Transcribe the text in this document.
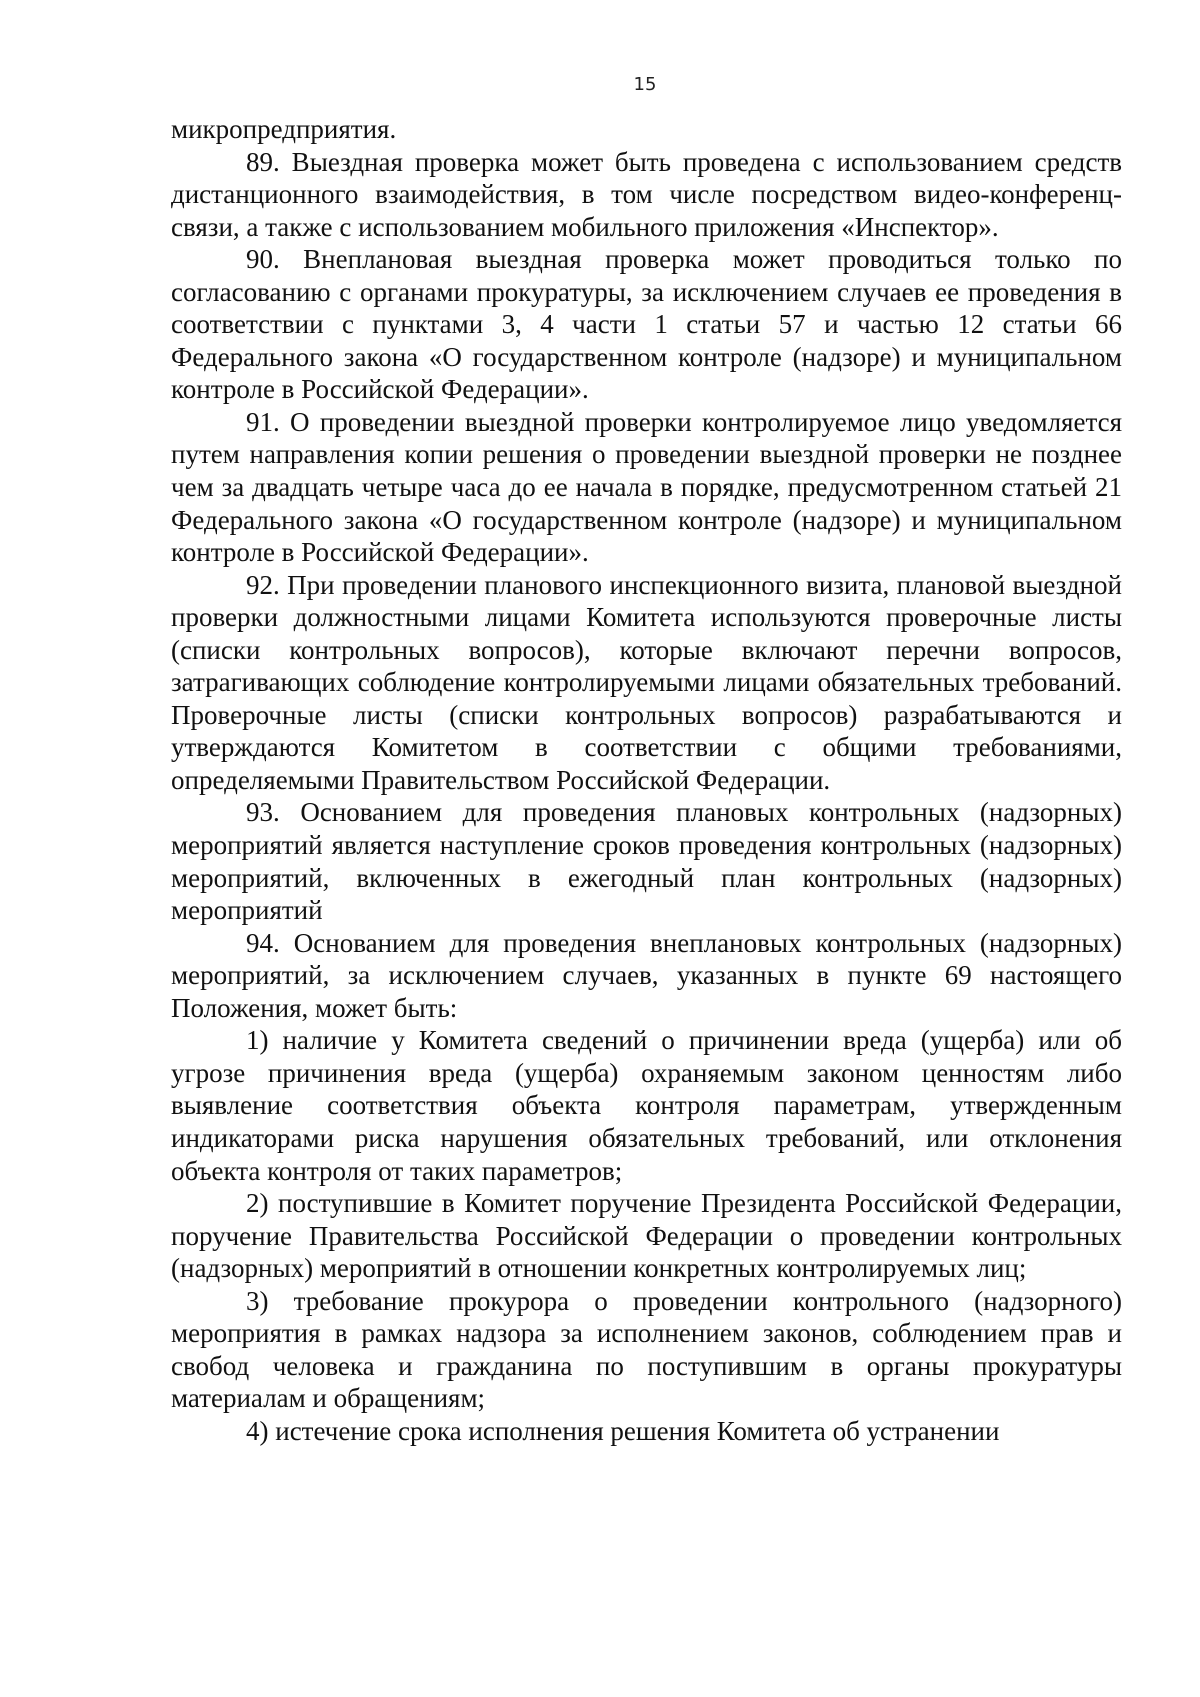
15

микропредприятия.

89. Выездная проверка может быть проведена с использованием средств дистанционного взаимодействия, в том числе посредством видео-конференц-связи, а также с использованием мобильного приложения «Инспектор».

90. Внеплановая выездная проверка может проводиться только по согласованию с органами прокуратуры, за исключением случаев ее проведения в соответствии с пунктами 3, 4 части 1 статьи 57 и частью 12 статьи 66 Федерального закона «О государственном контроле (надзоре) и муниципальном контроле в Российской Федерации».

91. О проведении выездной проверки контролируемое лицо уведомляется путем направления копии решения о проведении выездной проверки не позднее чем за двадцать четыре часа до ее начала в порядке, предусмотренном статьей 21 Федерального закона «О государственном контроле (надзоре) и муниципальном контроле в Российской Федерации».

92. При проведении планового инспекционного визита, плановой выездной проверки должностными лицами Комитета используются проверочные листы (списки контрольных вопросов), которые включают перечни вопросов, затрагивающих соблюдение контролируемыми лицами обязательных требований. Проверочные листы (списки контрольных вопросов) разрабатываются и утверждаются Комитетом в соответствии с общими требованиями, определяемыми Правительством Российской Федерации.

93. Основанием для проведения плановых контрольных (надзорных) мероприятий является наступление сроков проведения контрольных (надзорных) мероприятий, включенных в ежегодный план контрольных (надзорных) мероприятий

94. Основанием для проведения внеплановых контрольных (надзорных) мероприятий, за исключением случаев, указанных в пункте 69 настоящего Положения, может быть:

1) наличие у Комитета сведений о причинении вреда (ущерба) или об угрозе причинения вреда (ущерба) охраняемым законом ценностям либо выявление соответствия объекта контроля параметрам, утвержденным индикаторами риска нарушения обязательных требований, или отклонения объекта контроля от таких параметров;

2) поступившие в Комитет поручение Президента Российской Федерации, поручение Правительства Российской Федерации о проведении контрольных (надзорных) мероприятий в отношении конкретных контролируемых лиц;

3) требование прокурора о проведении контрольного (надзорного) мероприятия в рамках надзора за исполнением законов, соблюдением прав и свобод человека и гражданина по поступившим в органы прокуратуры материалам и обращениям;

4) истечение срока исполнения решения Комитета об устранении
